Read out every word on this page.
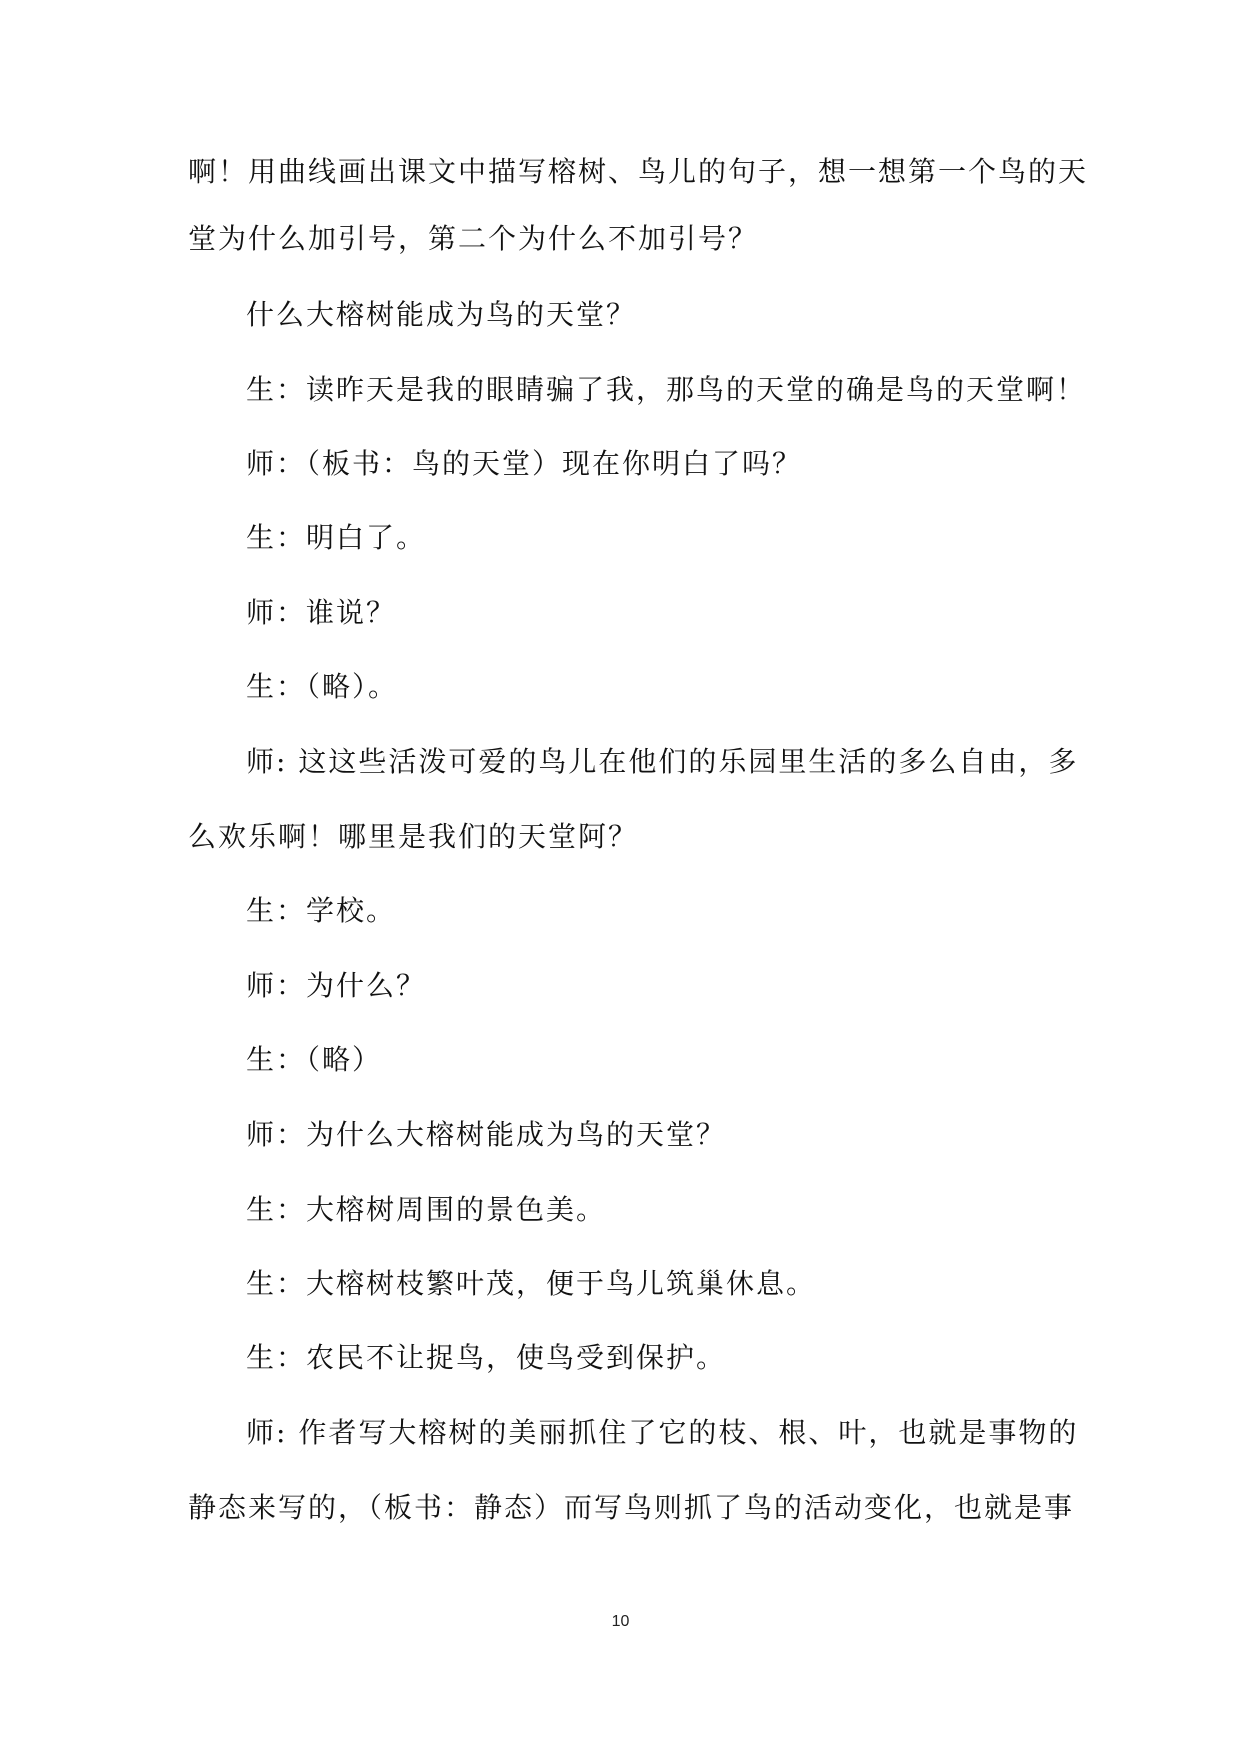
啊！用曲线画出课文中描写榕树、鸟儿的句子，想一想第一个鸟的天
堂为什么加引号，第二个为什么不加引号？
什么大榕树能成为鸟的天堂？
生：读昨天是我的眼睛骗了我，那鸟的天堂的确是鸟的天堂啊！
师：（板书：鸟的天堂）现在你明白了吗？
生：明白了。
师：谁说？
生：（略）。
师: 这这些活泼可爱的鸟儿在他们的乐园里生活的多么自由，多
么欢乐啊！哪里是我们的天堂阿？
生：学校。
师：为什么？
生：（略）
师：为什么大榕树能成为鸟的天堂？
生：大榕树周围的景色美。
生：大榕树枝繁叶茂，便于鸟儿筑巢休息。
生：农民不让捉鸟，使鸟受到保护。
师: 作者写大榕树的美丽抓住了它的枝、根、叶，也就是事物的
静态来写的，（板书：静态）而写鸟则抓了鸟的活动变化，也就是事
10
